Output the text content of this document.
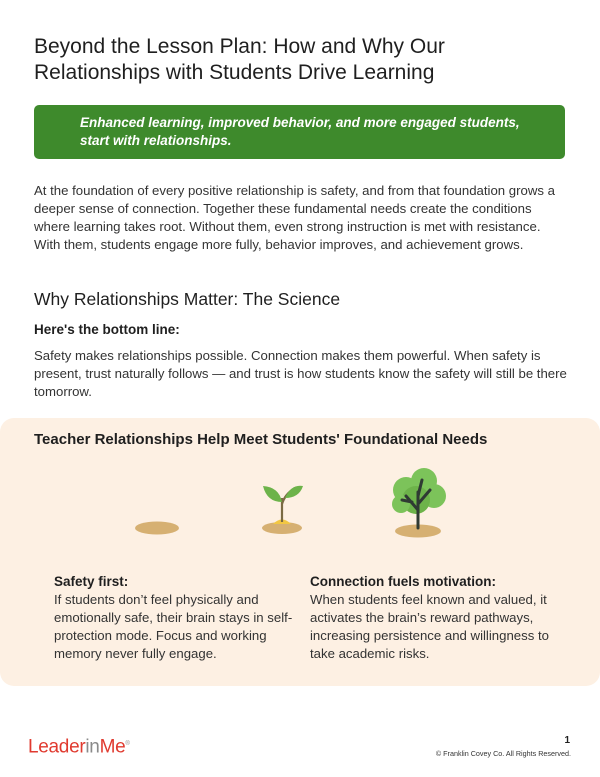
Beyond the Lesson Plan: How and Why Our Relationships with Students Drive Learning

Enhanced learning, improved behavior, and more engaged students, start with relationships.

At the foundation of every positive relationship is safety, and from that foundation grows a deeper sense of connection. Together these fundamental needs create the conditions where learning takes root. Without them, even strong instruction is met with resistance. With them, students engage more fully, behavior improves, and achievement grows.

Why Relationships Matter: The Science
Here's the bottom line:

Safety makes relationships possible. Connection makes them powerful. When safety is present, trust naturally follows — and trust is how students know the safety will still be there tomorrow.

Teacher Relationships Help Meet Students' Foundational Needs

Safety first:

If students don’t feel physically and emotionally safe, their brain stays in self-protection mode. Focus and working memory never fully engage.

Connection fuels motivation:

When students feel known and valued, it activates the brain’s reward pathways, increasing persistence and willingness to take academic risks.

LeaderinMe®	1
© Franklin Covey Co. All Rights Reserved.
